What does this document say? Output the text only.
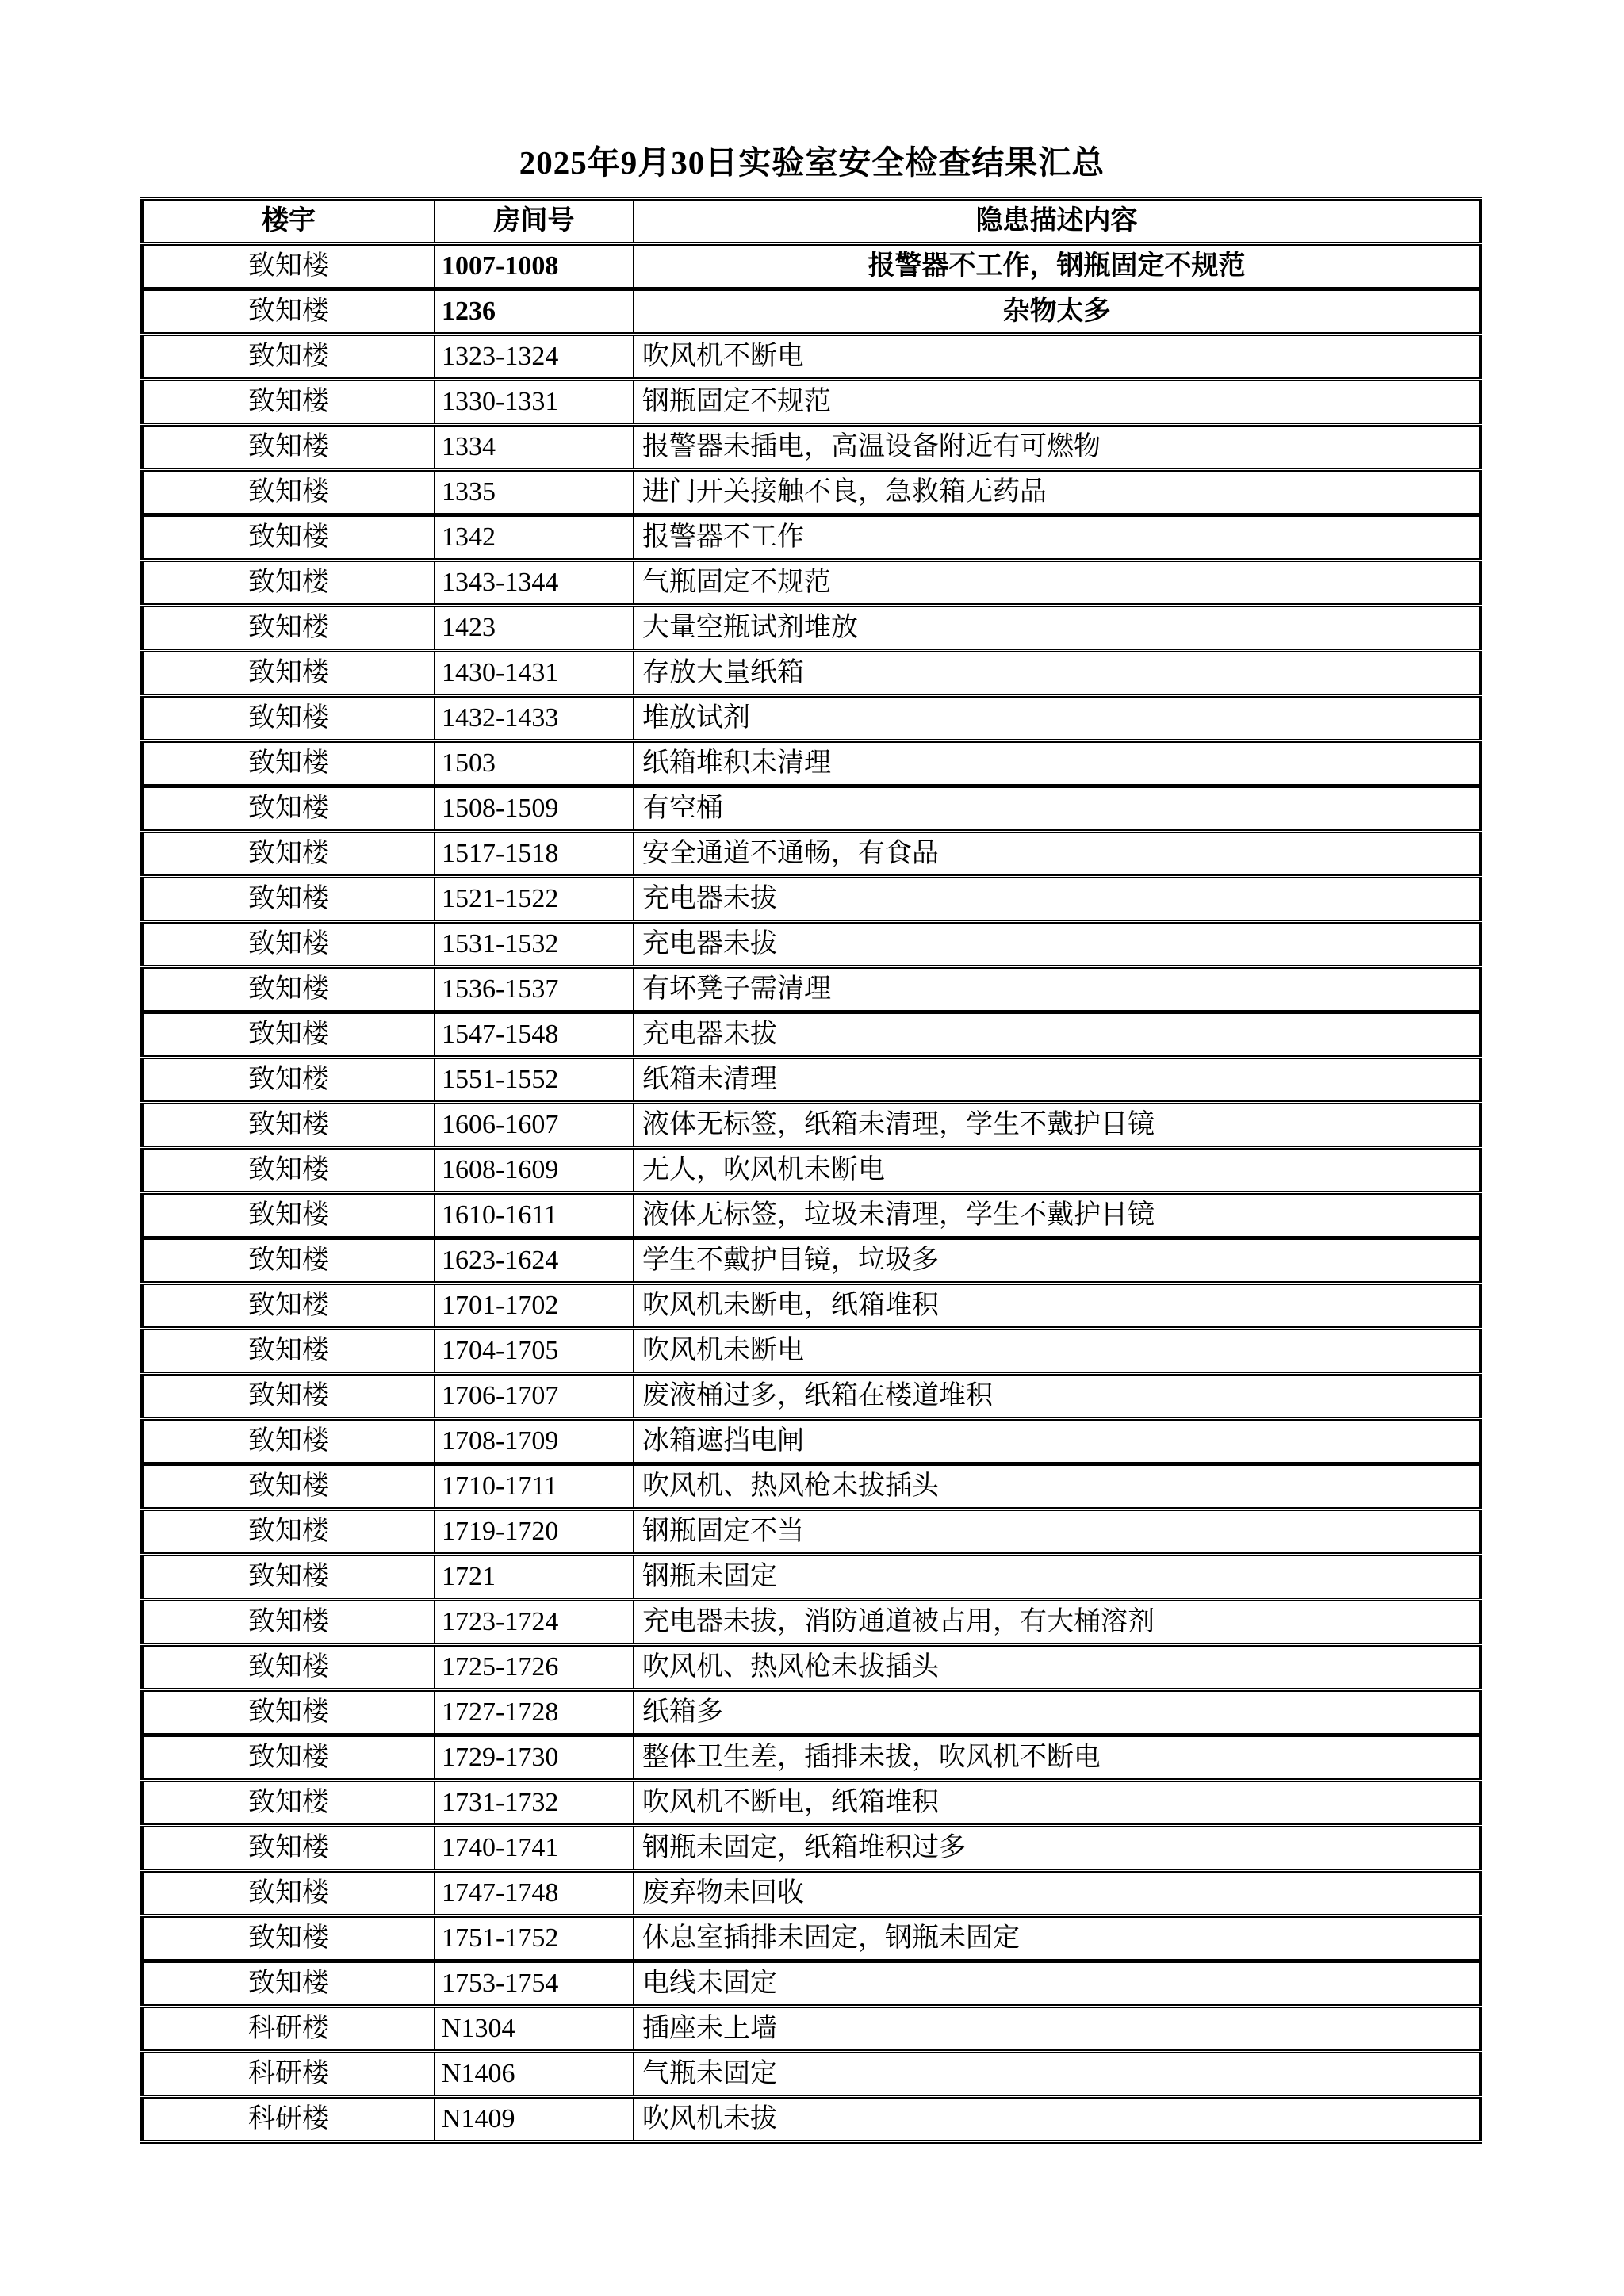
2025年9月30日实验室安全检查结果汇总
楼宇	房间号	隐患描述内容
致知楼	1007-1008	报警器不工作，钢瓶固定不规范
致知楼	1236	杂物太多
致知楼	1323-1324	吹风机不断电
致知楼	1330-1331	钢瓶固定不规范
致知楼	1334	报警器未插电，高温设备附近有可燃物
致知楼	1335	进门开关接触不良，急救箱无药品
致知楼	1342	报警器不工作
致知楼	1343-1344	气瓶固定不规范
致知楼	1423	大量空瓶试剂堆放
致知楼	1430-1431	存放大量纸箱
致知楼	1432-1433	堆放试剂
致知楼	1503	纸箱堆积未清理
致知楼	1508-1509	有空桶
致知楼	1517-1518	安全通道不通畅，有食品
致知楼	1521-1522	充电器未拔
致知楼	1531-1532	充电器未拔
致知楼	1536-1537	有坏凳子需清理
致知楼	1547-1548	充电器未拔
致知楼	1551-1552	纸箱未清理
致知楼	1606-1607	液体无标签，纸箱未清理，学生不戴护目镜
致知楼	1608-1609	无人，吹风机未断电
致知楼	1610-1611	液体无标签，垃圾未清理，学生不戴护目镜
致知楼	1623-1624	学生不戴护目镜，垃圾多
致知楼	1701-1702	吹风机未断电，纸箱堆积
致知楼	1704-1705	吹风机未断电
致知楼	1706-1707	废液桶过多，纸箱在楼道堆积
致知楼	1708-1709	冰箱遮挡电闸
致知楼	1710-1711	吹风机、热风枪未拔插头
致知楼	1719-1720	钢瓶固定不当
致知楼	1721	钢瓶未固定
致知楼	1723-1724	充电器未拔，消防通道被占用，有大桶溶剂
致知楼	1725-1726	吹风机、热风枪未拔插头
致知楼	1727-1728	纸箱多
致知楼	1729-1730	整体卫生差，插排未拔，吹风机不断电
致知楼	1731-1732	吹风机不断电，纸箱堆积
致知楼	1740-1741	钢瓶未固定，纸箱堆积过多
致知楼	1747-1748	废弃物未回收
致知楼	1751-1752	休息室插排未固定，钢瓶未固定
致知楼	1753-1754	电线未固定
科研楼	N1304	插座未上墙
科研楼	N1406	气瓶未固定
科研楼	N1409	吹风机未拔
